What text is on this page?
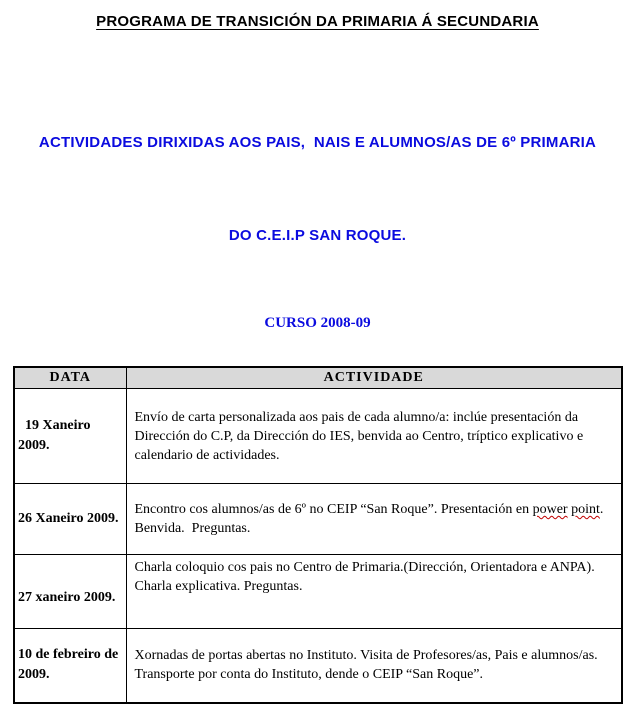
PROGRAMA DE TRANSICIÓN DA PRIMARIA Á SECUNDARIA

ACTIVIDADES DIRIXIDAS AOS PAIS,  NAIS E ALUMNOS/AS DE 6º PRIMARIA

DO C.E.I.P SAN ROQUE.

CURSO 2008-09
DATA	ACTIVIDADE
19 Xaneiro 2009.	Envío de carta personalizada aos pais de cada alumno/a: inclúe presentación da Dirección do C.P, da Dirección do IES, benvida ao Centro, tríptico explicativo e calendario de actividades.
26 Xaneiro 2009.	Encontro cos alumnos/as de 6º no CEIP “San Roque”. Presentación en power point. Benvida.  Preguntas.
27 xaneiro 2009.	Charla coloquio cos pais no Centro de Primaria.(Dirección, Orientadora e ANPA). Charla explicativa. Preguntas.
10 de febreiro de 2009.	Xornadas de portas abertas no Instituto. Visita de Profesores/as, Pais e alumnos/as. Transporte por conta do Instituto, dende o CEIP “San Roque”.
